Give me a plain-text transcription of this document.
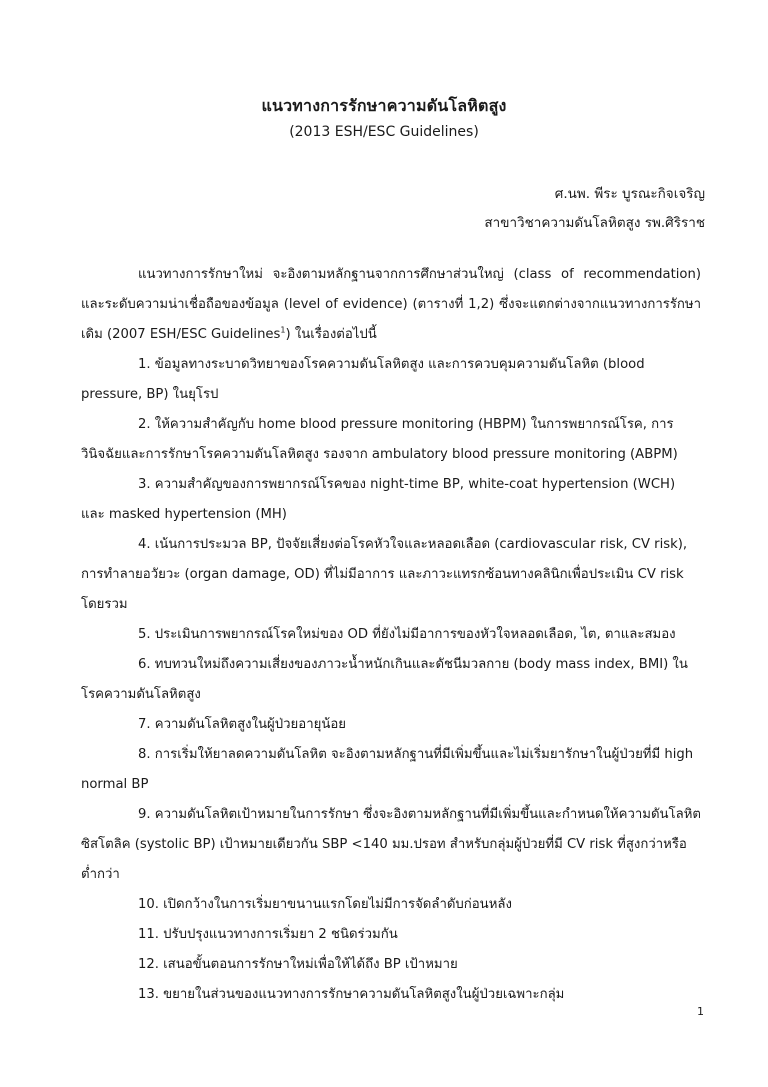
แนวทางการรักษาความดันโลหิตสูง
(2013 ESH/ESC Guidelines)
ศ.นพ. พีระ บูรณะกิจเจริญ
สาขาวิชาความดันโลหิตสูง รพ.ศิริราช

แนวทางการรักษาใหม่ จะอิงตามหลักฐานจากการศึกษาส่วนใหญ่ (class of recommendation) และระดับความน่าเชื่อถือของข้อมูล (level of evidence) (ตารางที่ 1,2) ซึ่งจะแตกต่างจากแนวทางการรักษาเดิม (2007 ESH/ESC Guidelines$^1$) ในเรื่องต่อไปนี้

1. ข้อมูลทางระบาดวิทยาของโรคความดันโลหิตสูง และการควบคุมความดันโลหิต (blood pressure, BP) ในยุโรป

2. ให้ความสำคัญกับ home blood pressure monitoring (HBPM) ในการพยากรณ์โรค, การวินิจฉัยและการรักษาโรคความดันโลหิตสูง รองจาก ambulatory blood pressure monitoring (ABPM)

3. ความสำคัญของการพยากรณ์โรคของ night-time BP, white-coat hypertension (WCH) และ masked hypertension (MH)

4. เน้นการประมวล BP, ปัจจัยเสี่ยงต่อโรคหัวใจและหลอดเลือด (cardiovascular risk, CV risk), การทำลายอวัยวะ (organ damage, OD) ที่ไม่มีอาการ และภาวะแทรกซ้อนทางคลินิกเพื่อประเมิน CV risk โดยรวม

5. ประเมินการพยากรณ์โรคใหม่ของ OD ที่ยังไม่มีอาการของหัวใจหลอดเลือด, ไต, ตาและสมอง

6. ทบทวนใหม่ถึงความเสี่ยงของภาวะน้ำหนักเกินและดัชนีมวลกาย (body mass index, BMI) ในโรคความดันโลหิตสูง

7. ความดันโลหิตสูงในผู้ป่วยอายุน้อย

8. การเริ่มให้ยาลดความดันโลหิต จะอิงตามหลักฐานที่มีเพิ่มขึ้นและไม่เริ่มยารักษาในผู้ป่วยที่มี high normal BP

9. ความดันโลหิตเป้าหมายในการรักษา ซึ่งจะอิงตามหลักฐานที่มีเพิ่มขึ้นและกำหนดให้ความดันโลหิตซิสโตลิค (systolic BP) เป้าหมายเดียวกัน SBP <140 มม.ปรอท สำหรับกลุ่มผู้ป่วยที่มี CV risk ที่สูงกว่าหรือต่ำกว่า

10. เปิดกว้างในการเริ่มยาขนานแรกโดยไม่มีการจัดลำดับก่อนหลัง

11. ปรับปรุงแนวทางการเริ่มยา 2 ชนิดร่วมกัน

12. เสนอขั้นตอนการรักษาใหม่เพื่อให้ได้ถึง BP เป้าหมาย

13. ขยายในส่วนของแนวทางการรักษาความดันโลหิตสูงในผู้ป่วยเฉพาะกลุ่ม

1
